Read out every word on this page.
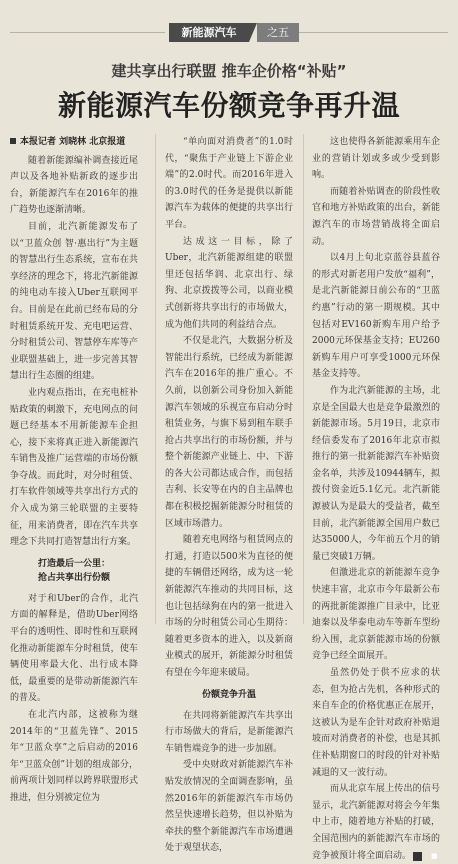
新能源汽车	之五
建共享出行联盟 推车企价格“补贴”
新能源汽车份额竞争再升温
本报记者 刘晓林 北京报道

随着新能源编补调查接近尾声以及各地补贴新政的逐步出台，新能源汽车在2016年的推广趋势也逐渐清晰。

目前，北汽新能源发布了以“卫蓝众创 智·惠出行”为主题的智慧出行生态系统，宣布在共享经济的理念下，将北汽新能源的纯电动车接入Uber互联网平台。目前是在此前已经布局的分时租赁系统开发、充电吧运营、分时租赁公司、智慧停车库等产业联盟基础上，进一步完善其智慧出行生态圈的组建。

业内观点指出，在充电桩补贴政策的刺激下，充电网点的问题已经基本不用新能源车企担心，接下来将真正进入新能源汽车销售及推广运营端的市场份额争夺战。而此时，对分时租赁、打车软件领域等共享出行方式的介入成为第三轮联盟的主要特征，用来消费者，即在汽车共享理念下共同打造智慧出行方案。

打造最后一公里：
抢占共享出行份额

对于和Uber的合作，北汽方面的解释是，借助Uber网络平台的透明性、即时性和互联网化推动新能源车分时租赁，使车辆使用率最大化、出行成本降低，最重要的是带动新能源汽车的普及。

在北汽内部，这被称为继2014年的“卫蓝先锋”、2015年“卫蓝众享”之后启动的2016年“卫蓝众创”计划的组成部分，前两项计划同样以跨界联盟形式推进，但分别被定位为

“单向面对消费者”的1.0时代，“聚焦于产业链上下游企业端”的2.0时代。而2016年进入的3.0时代的任务是提供以新能源汽车为载体的便捷的共享出行平台。

达成这一目标，除了Uber，北汽新能源组建的联盟里还包括华润、北京出行、绿狗、北京拨拨等公司，以商业模式创新将共享出行的市场做大，成为他们共同的利益结合点。

不仅是北汽，大数据分析及智能出行系统，已经成为新能源汽车在2016年的推广重心。不久前，以创新公司身份加入新能源汽车领域的乐视宣布启动分时租赁业务，与旗下易到租车联手抢占共享出行的市场份额，并与整个新能源产业链上、中、下游的各大公司都达成合作，而包括吉利、长安等在内的自主品牌也都在积极挖掘新能源分时租赁的区域市场潜力。

随着充电网络与租赁网点的打通，打造以500米为直径的便捷的车辆借还网络，成为这一轮新能源汽车推动的共同目标，这也让包括绿狗在内的第一批进入市场的分时租赁公司心生期待：随着更多资本的进入，以及新商业模式的展开，新能源分时租赁有望在今年迎来破局。

份额竞争升温

在共同将新能源汽车共享出行市场做大的背后，是新能源汽车销售端竞争的进一步加剧。

受中央财政对新能源汽车补贴发放情况的全面调查影响，虽然2016年的新能源汽车市场仍然呈快速增长趋势，但以补贴为牵扶的整个新能源汽车市场遭遇处于观望状态，

这也使得各新能源乘用车企业的营销计划或多或少受到影响。

而随着补贴调查的阶段性收官和地方补贴政策的出台，新能源汽车的市场营销战将全面启动。

以4月上旬北京蓝谷县蓝谷的形式对新老用户发放“福利”，是北汽新能源日前公布的“卫蓝约惠”行动的第一期规模。其中包括对EV160新购车用户给予2000元环保基金支持；EU260新购车用户可享受1000元环保基金支持等。

作为北汽新能源的主场，北京是全国最大也是竞争最激烈的新能源市场。5月19日，北京市经信委发布了2016年北京市拟推行的第一批新能源汽车补贴资金名单，共涉及10944辆车，拟拨付资金近5.1亿元。北汽新能源被认为是最大的受益者，截至目前，北汽新能源全国用户数已达35000人，今年前五个月的销量已突破1万辆。

但激进北京的新能源车竞争快速丰富，北京市今年最新公布的两批新能源推广目录中，比亚迪秦以及华泰电动车等新车型纷纷入围，北京新能源市场的份额竞争已经全面展开。

虽然仍处于供不应求的状态，但为抢占先机，各种形式的来自车企的价格优惠正在展开，这被认为是车企针对政府补贴退坡而对消费者的补偿，也是其抓住补贴期窗口的时段的针对补贴减退的又一波行动。

而从北京车展上传出的信号显示，北汽新能源对将会今年集中上市，随着地方补贴的打破，全国范围内的新能源汽车市场的竞争被预计将全面启动。	■
